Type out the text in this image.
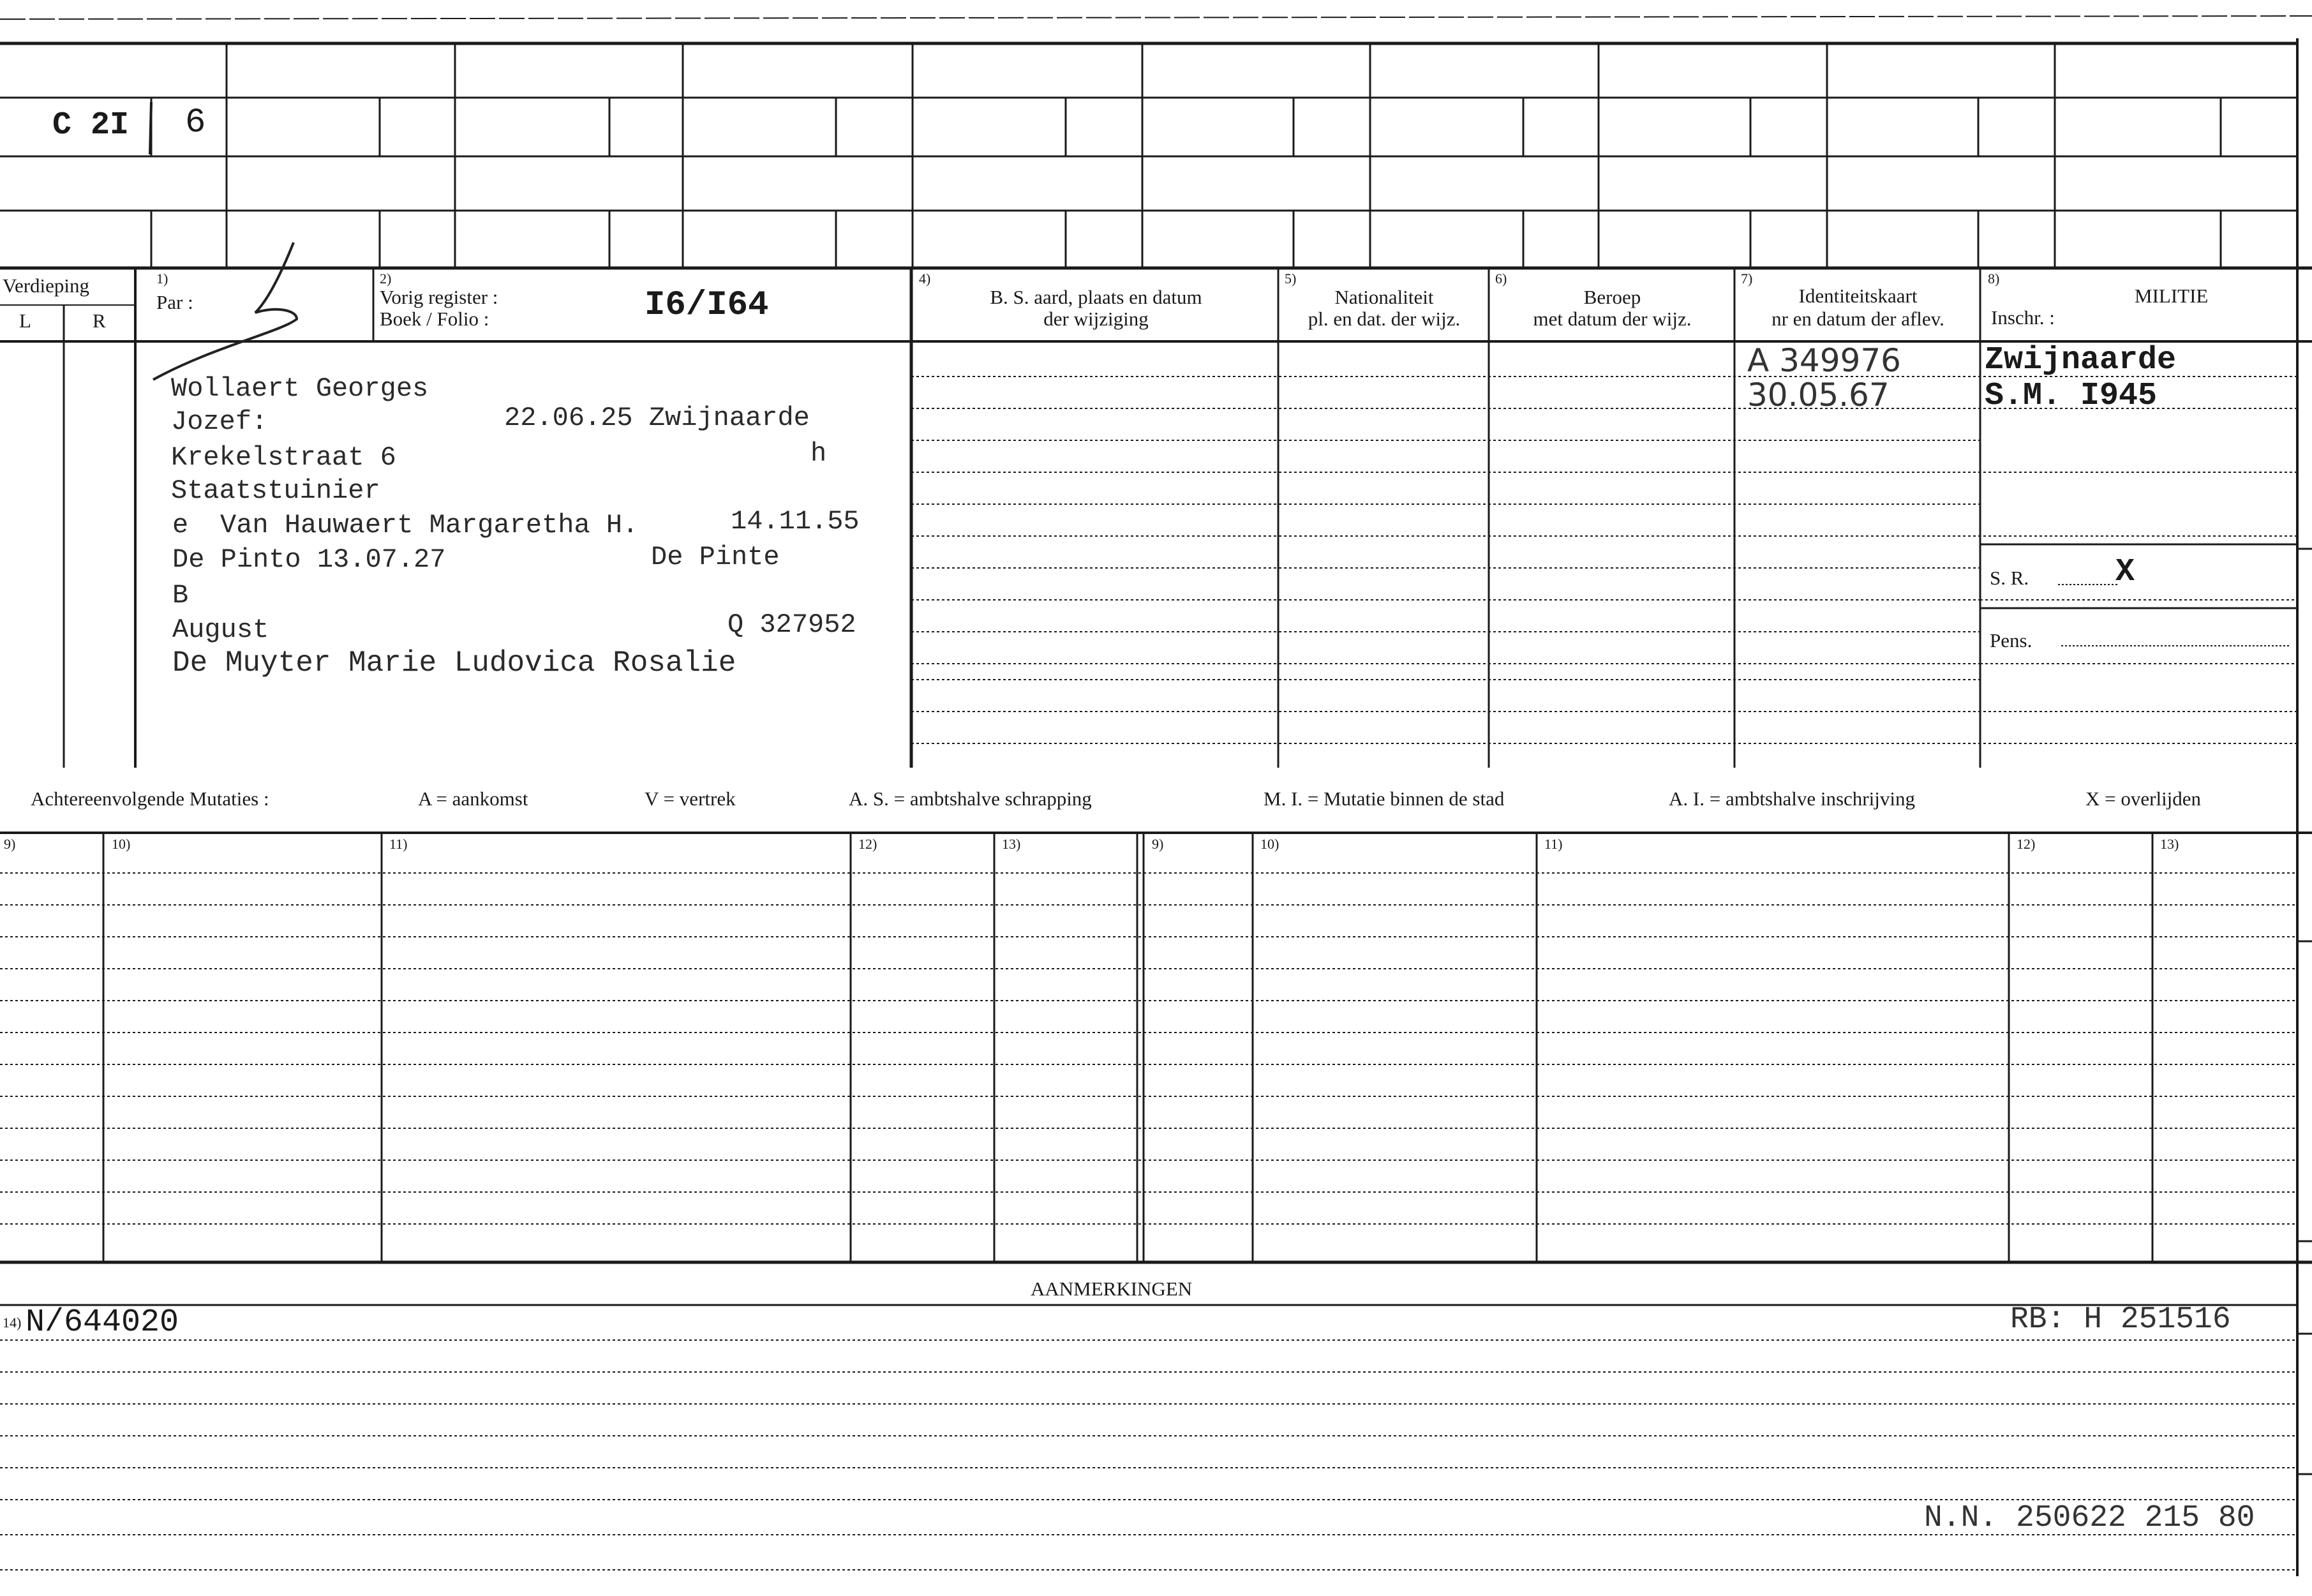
C 2I 6
Verdieping
L	R
1)
Par :
2)
Vorig register :
Boek / Folio :	I6/I64
4)
B. S. aard, plaats en datum
der wijziging
5)
Nationaliteit
pl. en dat. der wijz.
6)
Beroep
met datum der wijz.
7)
Identiteitskaart
nr en datum der aflev.
8)
MILITIE
Inschr. :
Wollaert Georges
Jozef:	22.06.25 Zwijnaarde
Krekelstraat 6	h
Staatstuinier
e Van Hauwaert Margaretha H.	14.11.55
De Pinto 13.07.27	De Pinte
B
August	Q 327952
De Muyter Marie Ludovica Rosalie
A 349976
30.05.67
Zwijnaarde
S.M. I945
S. R.	X
Pens.
Achtereenvolgende Mutaties :	A = aankomst	V = vertrek	A. S. = ambtshalve schrapping	M. I. = Mutatie binnen de stad	A. I. = ambtshalve inschrijving	X = overlijden
9)	10)	11)	12)	13)	9)	10)	11)	12)	13)
AANMERKINGEN
14) N/644020	RB: H 251516
N.N. 250622 215 80
